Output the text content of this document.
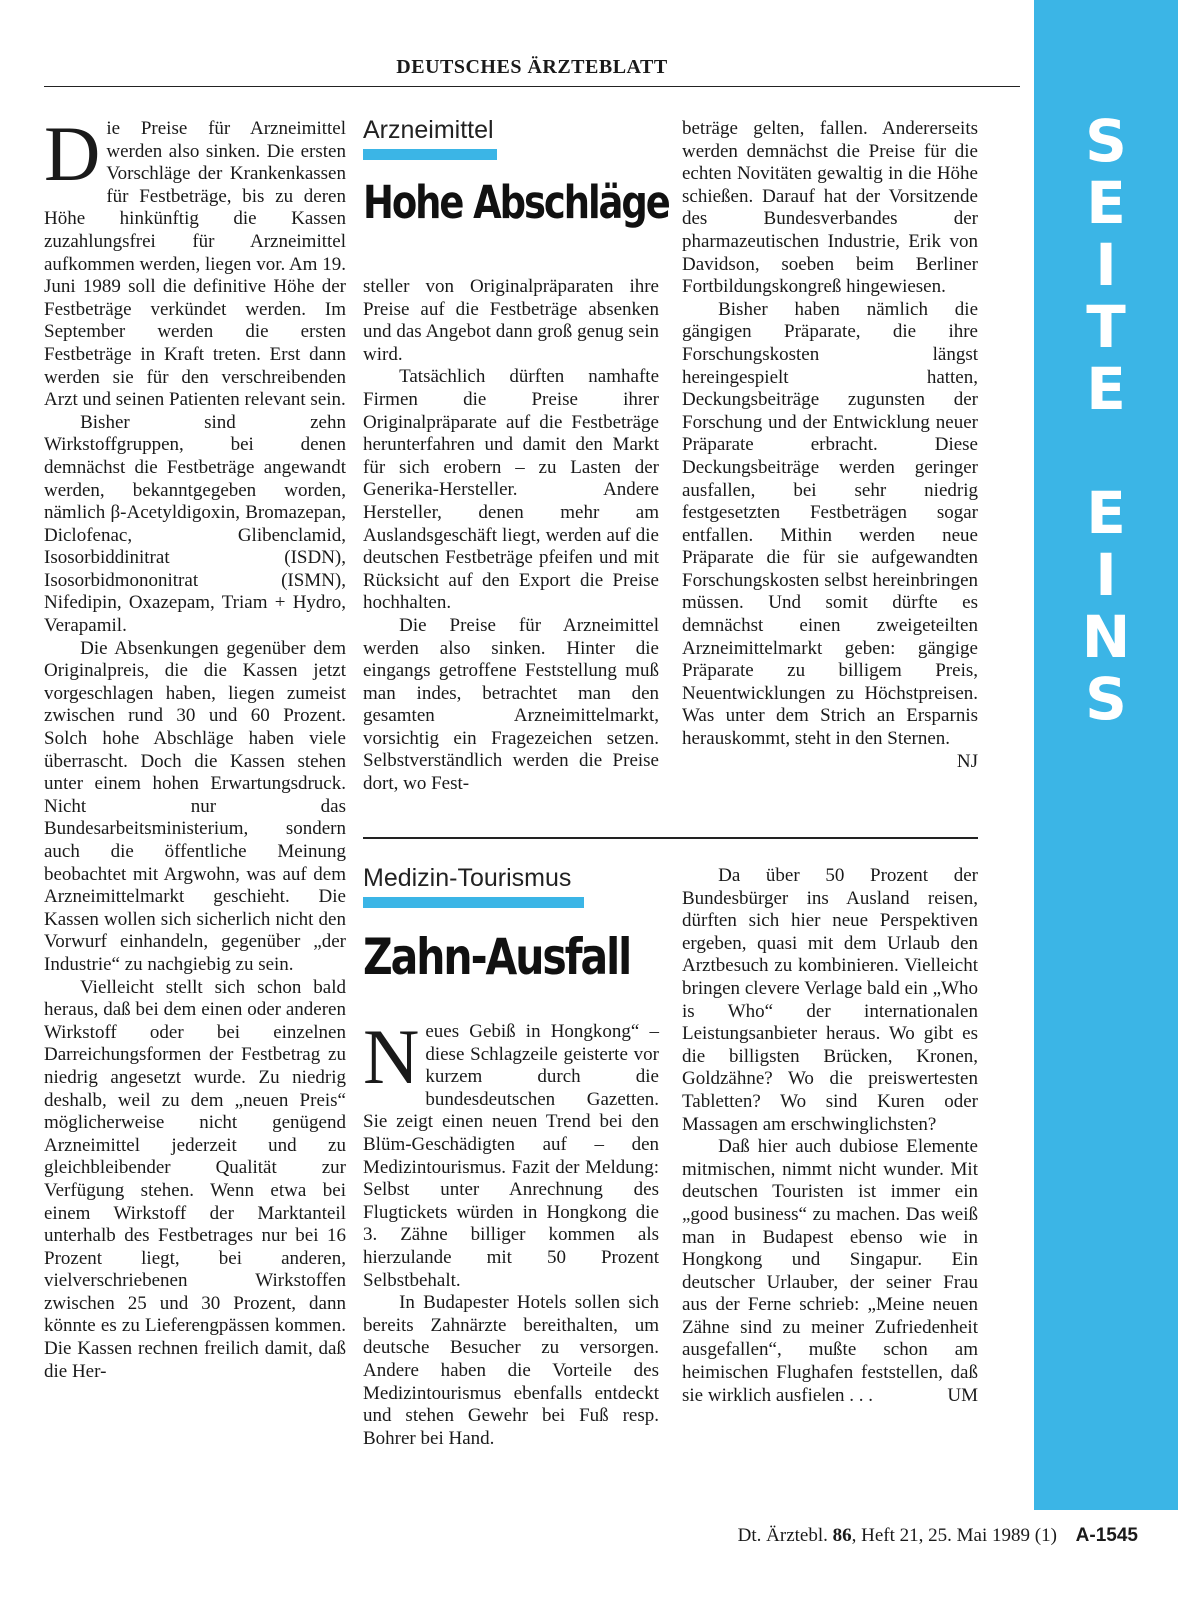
DEUTSCHES ÄRZTEBLATT
S
E
I
T
E
E
I
N
S

Die Preise für Arzneimittel werden also sinken. Die ersten Vorschläge der Krankenkassen für Festbeträge, bis zu deren Höhe hinkünftig die Kassen zuzahlungsfrei für Arzneimittel aufkommen werden, liegen vor. Am 19. Juni 1989 soll die definitive Höhe der Festbeträge verkündet werden. Im September werden die ersten Festbeträge in Kraft treten. Erst dann werden sie für den verschreibenden Arzt und seinen Patienten relevant sein.

Bisher sind zehn Wirkstoffgruppen, bei denen demnächst die Festbeträge angewandt werden, bekanntgegeben worden, nämlich β-Acetyldigoxin, Bromazepan, Diclofenac, Glibenclamid, Isosorbiddinitrat (ISDN), Isosorbidmononitrat (ISMN), Nifedipin, Oxazepam, Triam + Hydro, Verapamil.

Die Absenkungen gegenüber dem Originalpreis, die die Kassen jetzt vorgeschlagen haben, liegen zumeist zwischen rund 30 und 60 Prozent. Solch hohe Abschläge haben viele überrascht. Doch die Kassen stehen unter einem hohen Erwartungsdruck. Nicht nur das Bundesarbeitsministerium, sondern auch die öffentliche Meinung beobachtet mit Argwohn, was auf dem Arzneimittelmarkt geschieht. Die Kassen wollen sich sicherlich nicht den Vorwurf einhandeln, gegenüber „der Industrie“ zu nachgiebig zu sein.

Vielleicht stellt sich schon bald heraus, daß bei dem einen oder anderen Wirkstoff oder bei einzelnen Darreichungsformen der Festbetrag zu niedrig angesetzt wurde. Zu niedrig deshalb, weil zu dem „neuen Preis“ möglicherweise nicht genügend Arzneimittel jederzeit und zu gleichbleibender Qualität zur Verfügung stehen. Wenn etwa bei einem Wirkstoff der Marktanteil unterhalb des Festbetrages nur bei 16 Prozent liegt, bei anderen, vielverschriebenen Wirkstoffen zwischen 25 und 30 Prozent, dann könnte es zu Lieferengpässen kommen. Die Kassen rechnen freilich damit, daß die Her-

Arzneimittel
Hohe Abschläge

steller von Originalpräparaten ihre Preise auf die Festbeträge absenken und das Angebot dann groß genug sein wird.

Tatsächlich dürften namhafte Firmen die Preise ihrer Originalpräparate auf die Festbeträge herunterfahren und damit den Markt für sich erobern – zu Lasten der Generika-Hersteller. Andere Hersteller, denen mehr am Auslandsgeschäft liegt, werden auf die deutschen Festbeträge pfeifen und mit Rücksicht auf den Export die Preise hochhalten.

Die Preise für Arzneimittel werden also sinken. Hinter die eingangs getroffene Feststellung muß man indes, betrachtet man den gesamten Arzneimittelmarkt, vorsichtig ein Fragezeichen setzen. Selbstverständlich werden die Preise dort, wo Fest-

beträge gelten, fallen. Andererseits werden demnächst die Preise für die echten Novitäten gewaltig in die Höhe schießen. Darauf hat der Vorsitzende des Bundesverbandes der pharmazeutischen Industrie, Erik von Davidson, soeben beim Berliner Fortbildungskongreß hingewiesen.

Bisher haben nämlich die gängigen Präparate, die ihre Forschungskosten längst hereingespielt hatten, Deckungsbeiträge zugunsten der Forschung und der Entwicklung neuer Präparate erbracht. Diese Deckungsbeiträge werden geringer ausfallen, bei sehr niedrig festgesetzten Festbeträgen sogar entfallen. Mithin werden neue Präparate die für sie aufgewandten Forschungskosten selbst hereinbringen müssen. Und somit dürfte es demnächst einen zweigeteilten Arzneimittelmarkt geben: gängige Präparate zu billigem Preis, Neuentwicklungen zu Höchstpreisen. Was unter dem Strich an Ersparnis herauskommt, steht in den Sternen.
NJ

Medizin-Tourismus
Zahn-Ausfall

Neues Gebiß in Hongkong“ – diese Schlagzeile geisterte vor kurzem durch die bundesdeutschen Gazetten. Sie zeigt einen neuen Trend bei den Blüm-Geschädigten auf – den Medizintourismus. Fazit der Meldung: Selbst unter Anrechnung des Flugtickets würden in Hongkong die 3. Zähne billiger kommen als hierzulande mit 50 Prozent Selbstbehalt.

In Budapester Hotels sollen sich bereits Zahnärzte bereithalten, um deutsche Besucher zu versorgen. Andere haben die Vorteile des Medizintourismus ebenfalls entdeckt und stehen Gewehr bei Fuß resp. Bohrer bei Hand.

Da über 50 Prozent der Bundesbürger ins Ausland reisen, dürften sich hier neue Perspektiven ergeben, quasi mit dem Urlaub den Arztbesuch zu kombinieren. Vielleicht bringen clevere Verlage bald ein „Who is Who“ der internationalen Leistungsanbieter heraus. Wo gibt es die billigsten Brücken, Kronen, Goldzähne? Wo die preiswertesten Tabletten? Wo sind Kuren oder Massagen am erschwinglichsten?

Daß hier auch dubiose Elemente mitmischen, nimmt nicht wunder. Mit deutschen Touristen ist immer ein „good business“ zu machen. Das weiß man in Budapest ebenso wie in Hongkong und Singapur. Ein deutscher Urlauber, der seiner Frau aus der Ferne schrieb: „Meine neuen Zähne sind zu meiner Zufriedenheit ausgefallen“, mußte schon am heimischen Flughafen feststellen, daß sie wirklich ausfielen . . .	UM

Dt. Ärztebl. 86, Heft 21, 25. Mai 1989 (1) A-1545
